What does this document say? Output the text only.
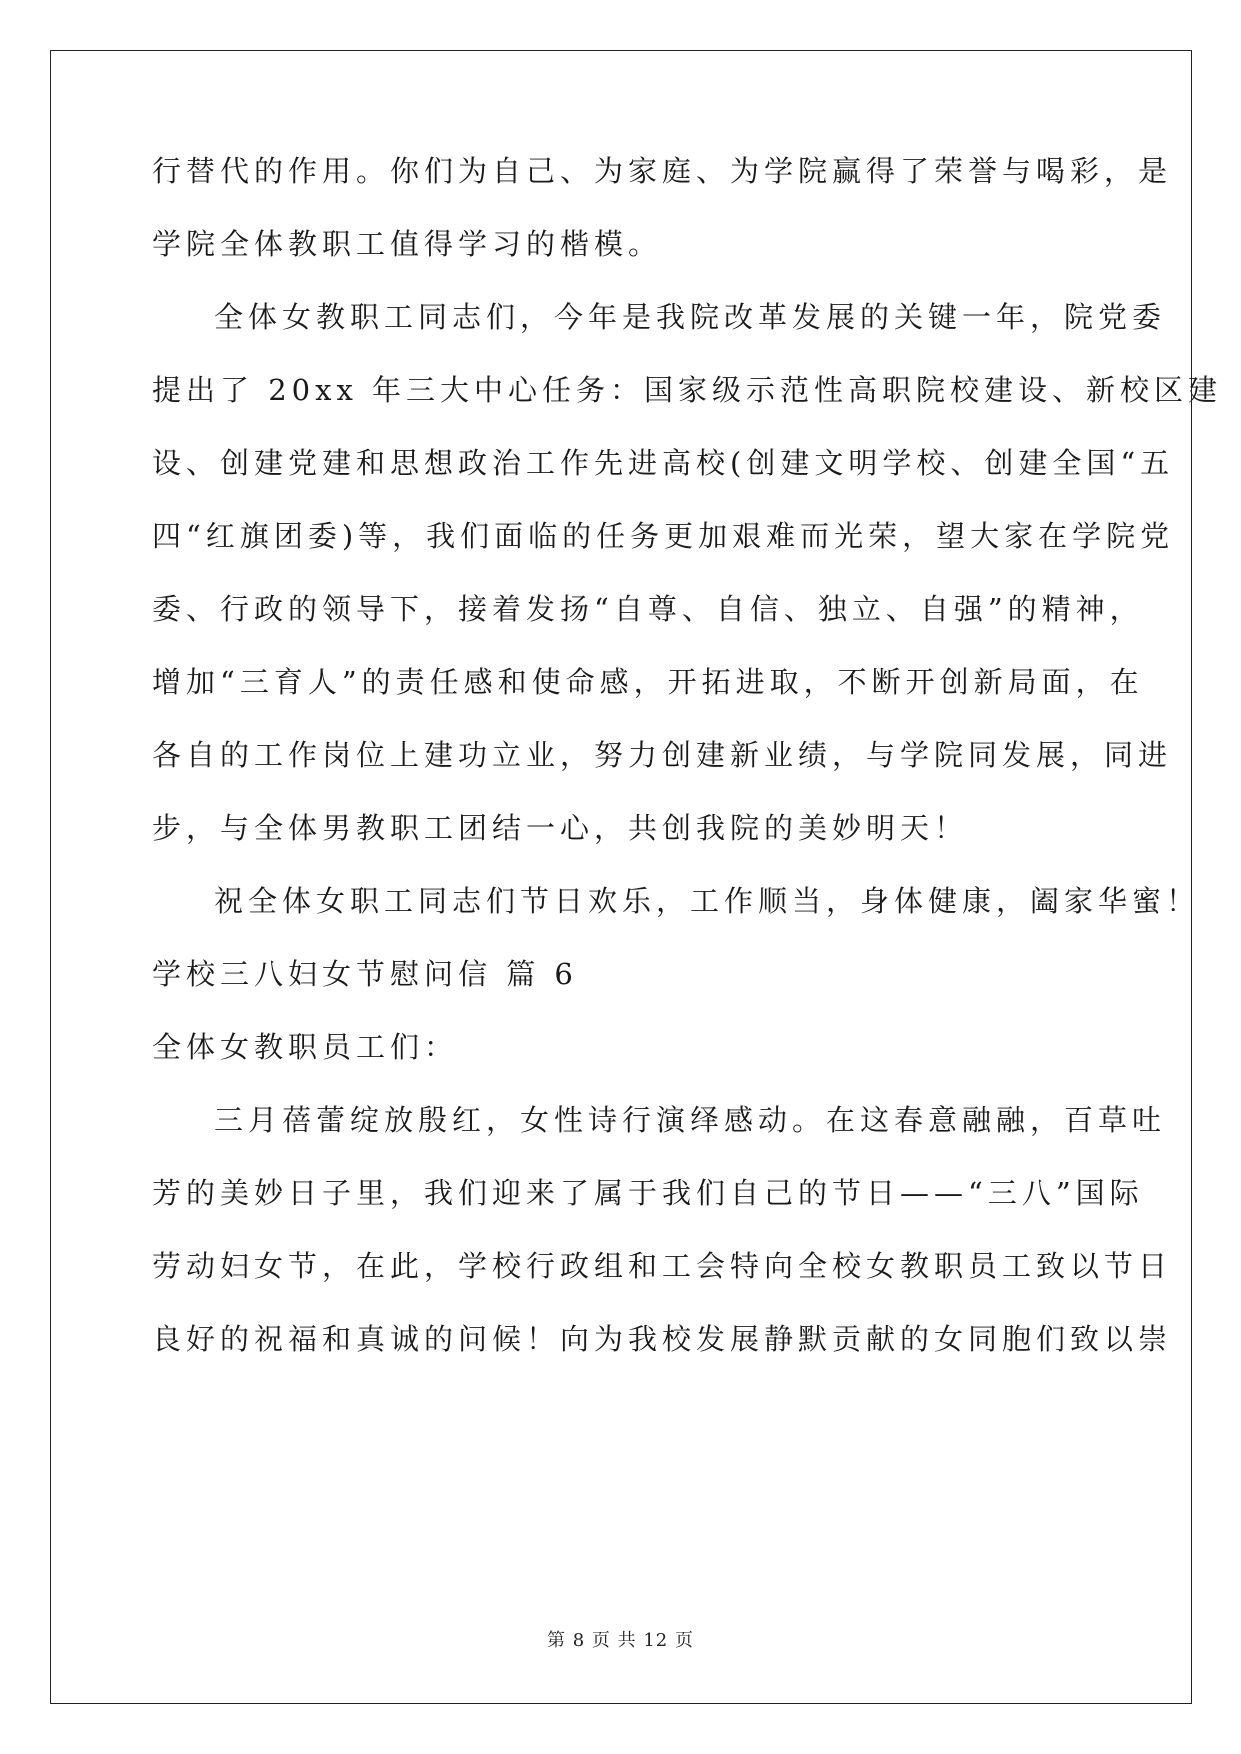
行替代的作用。你们为自己、为家庭、为学院赢得了荣誉与喝彩，是
学院全体教职工值得学习的楷模。
全体女教职工同志们，今年是我院改革发展的关键一年，院党委
提出了 20xx 年三大中心任务：国家级示范性高职院校建设、新校区建
设、创建党建和思想政治工作先进高校(创建文明学校、创建全国“五
四“红旗团委)等，我们面临的任务更加艰难而光荣，望大家在学院党
委、行政的领导下，接着发扬“自尊、自信、独立、自强”的精神，
增加“三育人”的责任感和使命感，开拓进取，不断开创新局面，在
各自的工作岗位上建功立业，努力创建新业绩，与学院同发展，同进
步，与全体男教职工团结一心，共创我院的美妙明天！
祝全体女职工同志们节日欢乐，工作顺当，身体健康，阖家华蜜！
学校三八妇女节慰问信 篇 6
全体女教职员工们：
三月蓓蕾绽放殷红，女性诗行演绎感动。在这春意融融，百草吐
芳的美妙日子里，我们迎来了属于我们自己的节日——“三八”国际
劳动妇女节，在此，学校行政组和工会特向全校女教职员工致以节日
良好的祝福和真诚的问候！向为我校发展静默贡献的女同胞们致以崇
第 8 页 共 12 页
